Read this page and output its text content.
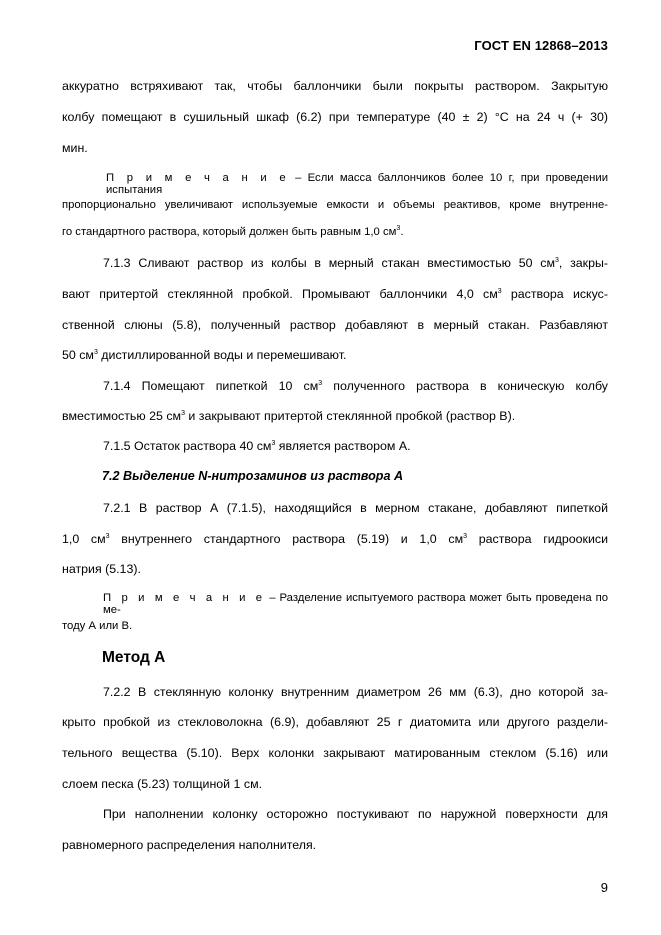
ГОСТ EN 12868–2013
аккуратно встряхивают так, чтобы баллончики были покрыты раствором. Закрытую
колбу помещают в сушильный шкаф (6.2) при температуре (40 ± 2) °С на 24 ч (+ 30)
мин.
П р и м е ч а н и е – Если масса баллончиков более 10 г, при проведении испытания
пропорционально увеличивают используемые емкости и объемы реактивов, кроме внутренне-
го стандартного раствора, который должен быть равным 1,0 $см^3$.
7.1.3 Сливают раствор из колбы в мерный стакан вместимостью 50 $см^3$, закры-
вают притертой стеклянной пробкой. Промывают баллончики 4,0 $см^3$ раствора искус-
ственной слюны (5.8), полученный раствор добавляют в мерный стакан. Разбавляют
50 $см^3$ дистиллированной воды и перемешивают.
7.1.4 Помещают пипеткой 10 $см^3$ полученного раствора в коническую колбу
вместимостью 25 $см^3$ и закрывают притертой стеклянной пробкой (раствор В).
7.1.5 Остаток раствора 40 $см^3$ является раствором А.
7.2 Выделение N-нитрозаминов из раствора А
7.2.1 В раствор А (7.1.5), находящийся в мерном стакане, добавляют пипеткой
1,0 $см^3$ внутреннего стандартного раствора (5.19) и 1,0 $см^3$ раствора гидроокиси
натрия (5.13).
П р и м е ч а н и е – Разделение испытуемого раствора может быть проведена по ме-
тоду А или В.
Метод А
7.2.2 В стеклянную колонку внутренним диаметром 26 мм (6.3), дно которой за-
крыто пробкой из стекловолокна (6.9), добавляют 25 г диатомита или другого раздели-
тельного вещества (5.10). Верх колонки закрывают матированным стеклом (5.16) или
слоем песка (5.23) толщиной 1 см.
При наполнении колонку осторожно постукивают по наружной поверхности для
равномерного распределения наполнителя.
9
